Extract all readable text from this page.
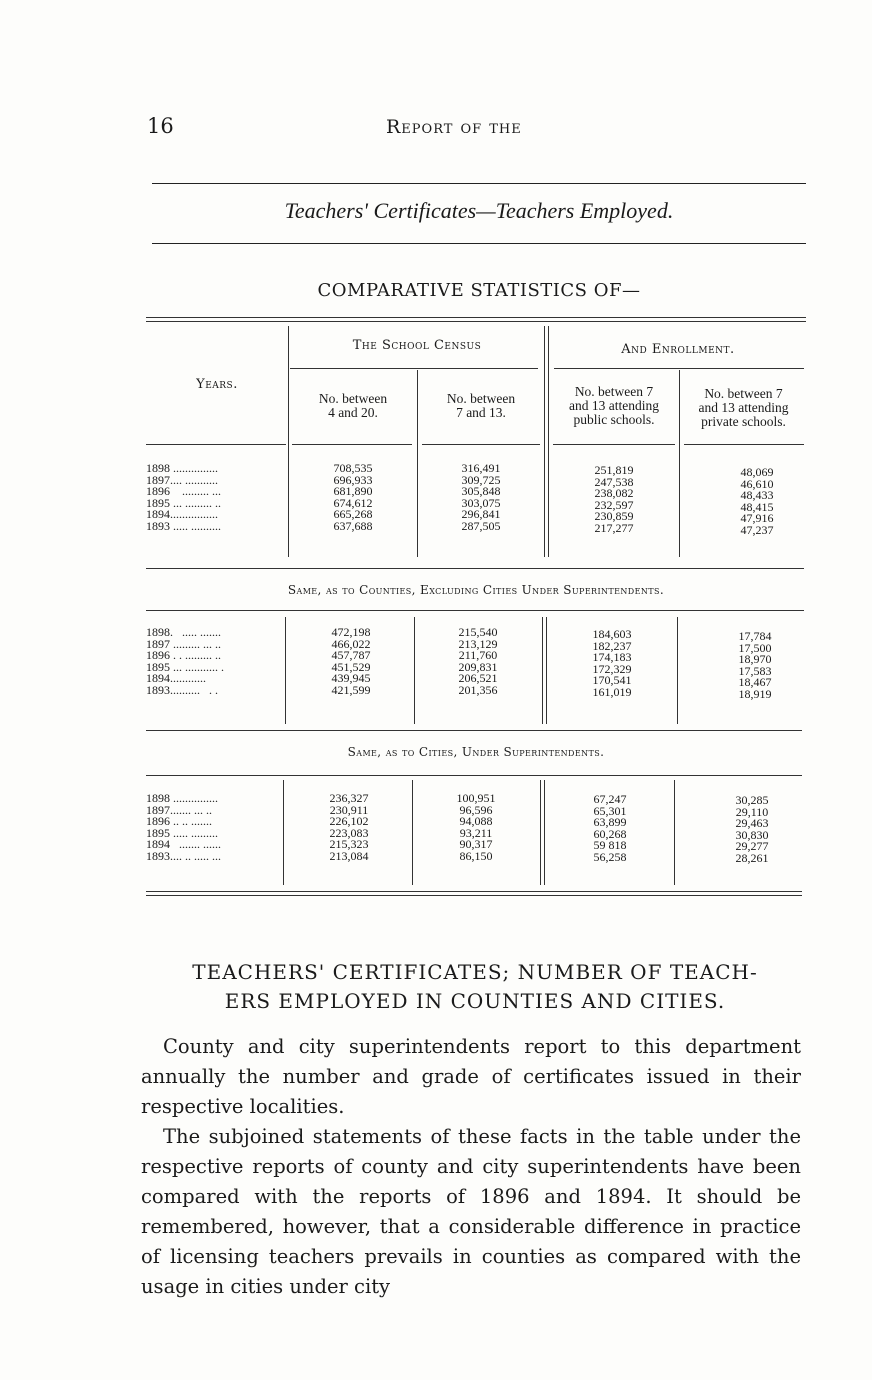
16	Report of the
Teachers' Certificates—Teachers Employed.
COMPARATIVE STATISTICS OF—
Years.
The School Census	And Enrollment.
No. between
4 and 20.
No. between
7 and 13.
No. between 7
and 13 attending
public schools.
No. between 7
and 13 attending
private schools.
1898 ...............
1897.... ...........
1896    ......... ...
1895 ... ......... ..
1894................
1893 ..... ..........
708,535
696,933
681,890
674,612
665,268
637,688
316,491
309,725
305,848
303,075
296,841
287,505
251,819
247,538
238,082
232,597
230,859
217,277
48,069
46,610
48,433
48,415
47,916
47,237
Same, as to Counties, Excluding Cities Under Superintendents.
1898.   ..... .......
1897 ......... ... ..
1896 . . ......... ..
1895 ... ........... .
1894............
1893..........   . .
472,198
466,022
457,787
451,529
439,945
421,599
215,540
213,129
211,760
209,831
206,521
201,356
184,603
182,237
174,183
172,329
170,541
161,019
17,784
17,500
18,970
17,583
18,467
18,919
Same, as to Cities, Under Superintendents.
1898 ...............
1897....... ... ..
1896 .. .. .......
1895 ..... .........
1894   ....... ......
1893.... .. ..... ...
236,327
230,911
226,102
223,083
215,323
213,084
100,951
96,596
94,088
93,211
90,317
86,150
67,247
65,301
63,899
60,268
59 818
56,258
30,285
29,110
29,463
30,830
29,277
28,261
TEACHERS' CERTIFICATES; NUMBER OF TEACH-
ERS EMPLOYED IN COUNTIES AND CITIES.
County and city superintendents report to this department annually the number and grade of certificates issued in their respective localities.
The subjoined statements of these facts in the table under the respective reports of county and city superintendents have been compared with the reports of 1896 and 1894. It should be remembered, however, that a considerable difference in practice of licensing teachers prevails in counties as compared with the usage in cities under city
